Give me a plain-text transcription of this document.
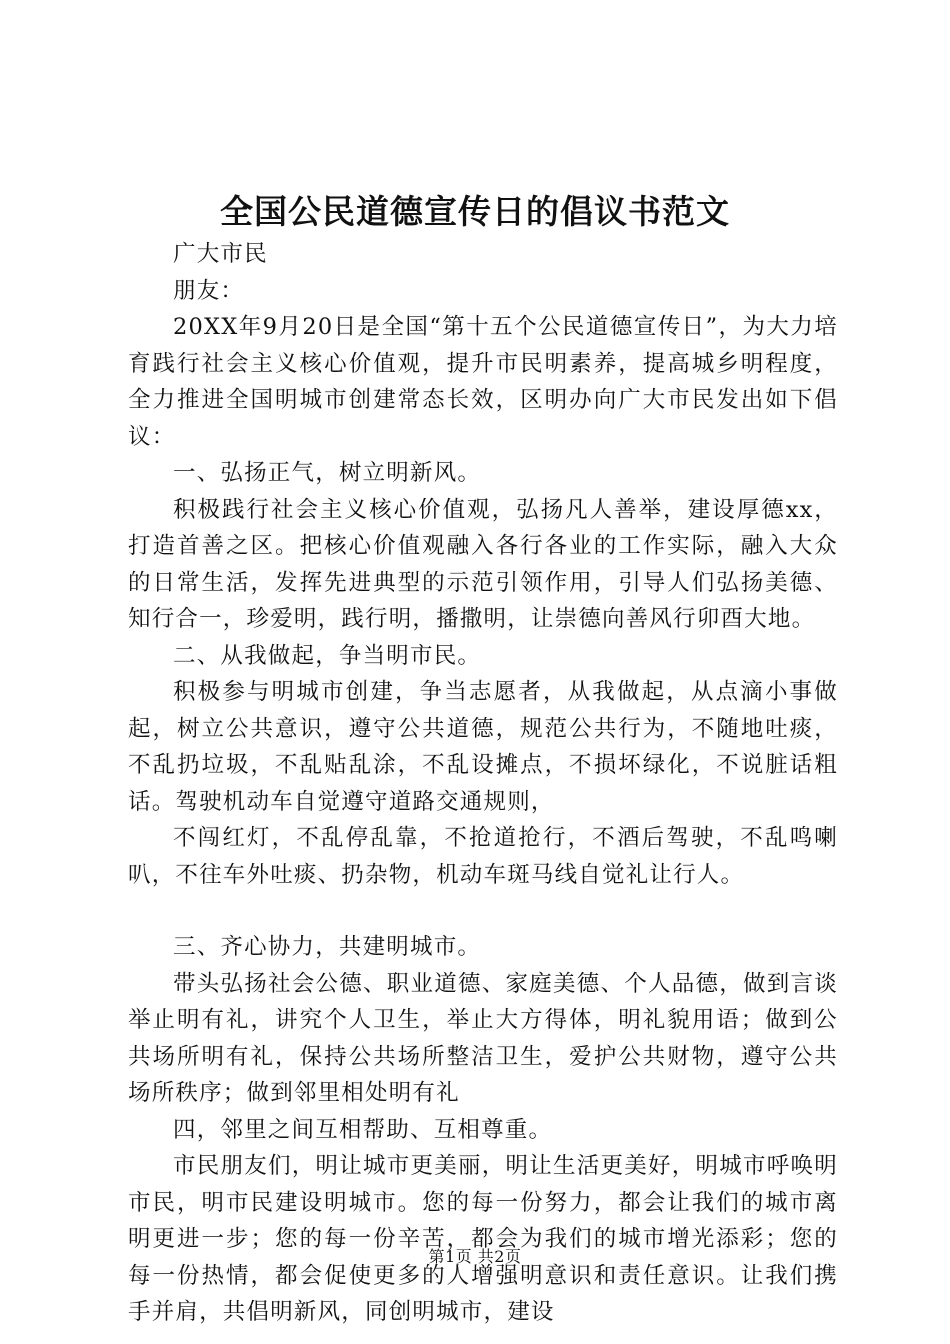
全国公民道德宣传日的倡议书范文

广大市民

朋友：

20XX年9月20日是全国“第十五个公民道德宣传日”，为大力培育践行社会主义核心价值观，提升市民明素养，提高城乡明程度，全力推进全国明城市创建常态长效，区明办向广大市民发出如下倡议：

一、弘扬正气，树立明新风。

积极践行社会主义核心价值观，弘扬凡人善举，建设厚德xx，打造首善之区。把核心价值观融入各行各业的工作实际，融入大众的日常生活，发挥先进典型的示范引领作用，引导人们弘扬美德、知行合一，珍爱明，践行明，播撒明，让崇德向善风行卯酉大地。

二、从我做起，争当明市民。

积极参与明城市创建，争当志愿者，从我做起，从点滴小事做起，树立公共意识，遵守公共道德，规范公共行为，不随地吐痰，不乱扔垃圾，不乱贴乱涂，不乱设摊点，不损坏绿化，不说脏话粗话。驾驶机动车自觉遵守道路交通规则，

不闯红灯，不乱停乱靠，不抢道抢行，不酒后驾驶，不乱鸣喇叭，不往车外吐痰、扔杂物，机动车斑马线自觉礼让行人。

三、齐心协力，共建明城市。

带头弘扬社会公德、职业道德、家庭美德、个人品德，做到言谈举止明有礼，讲究个人卫生，举止大方得体，明礼貌用语；做到公共场所明有礼，保持公共场所整洁卫生，爱护公共财物，遵守公共场所秩序；做到邻里相处明有礼

四，邻里之间互相帮助、互相尊重。

市民朋友们，明让城市更美丽，明让生活更美好，明城市呼唤明市民，明市民建设明城市。您的每一份努力，都会让我们的城市离明更进一步；您的每一份辛苦，都会为我们的城市增光添彩；您的每一份热情，都会促使更多的人增强明意识和责任意识。让我们携手并肩，共倡明新风，同创明城市，建设

第1页 共2页
